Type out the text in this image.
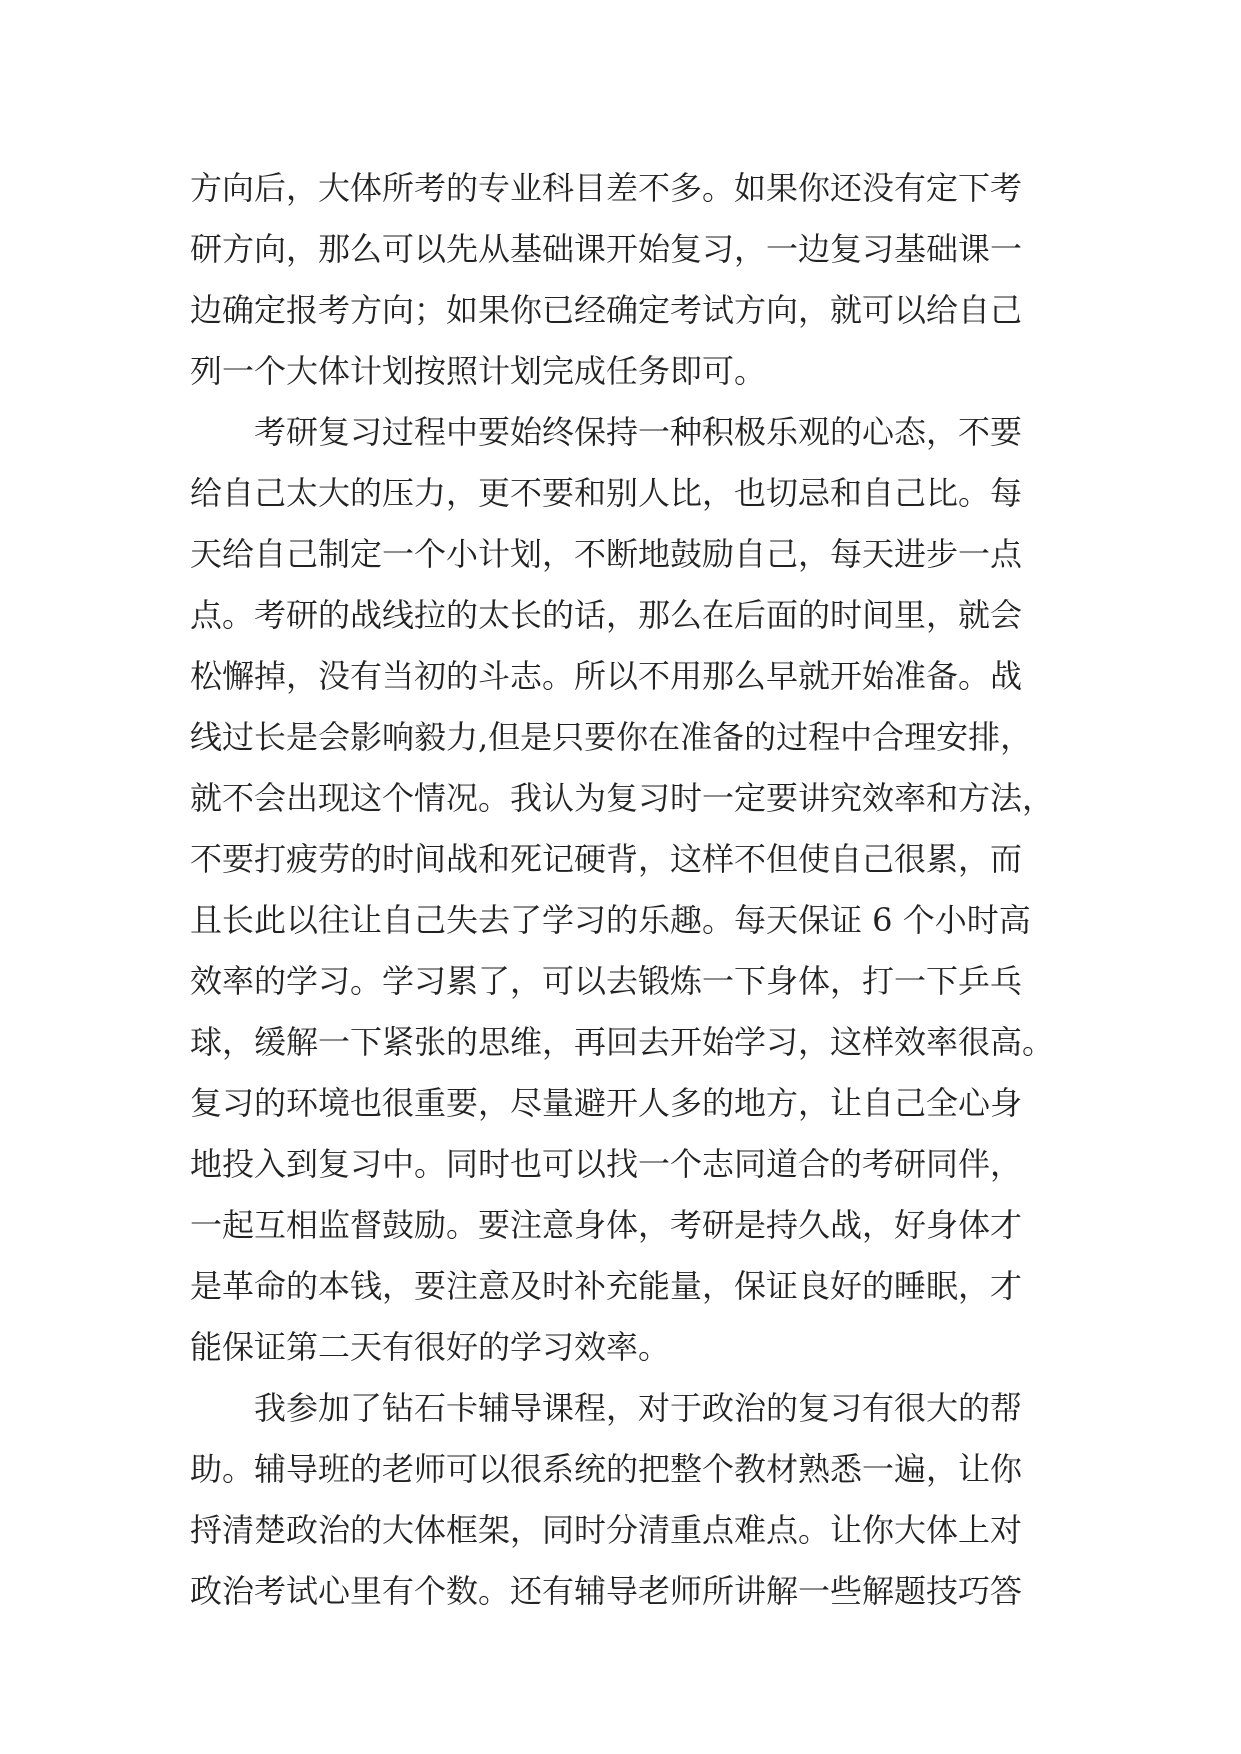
方向后，大体所考的专业科目差不多。如果你还没有定下考
研方向，那么可以先从基础课开始复习，一边复习基础课一
边确定报考方向；如果你已经确定考试方向，就可以给自己
列一个大体计划按照计划完成任务即可。
考研复习过程中要始终保持一种积极乐观的心态，不要
给自己太大的压力，更不要和别人比，也切忌和自己比。每
天给自己制定一个小计划，不断地鼓励自己，每天进步一点
点。考研的战线拉的太长的话，那么在后面的时间里，就会
松懈掉，没有当初的斗志。所以不用那么早就开始准备。战
线过长是会影响毅力,但是只要你在准备的过程中合理安排，
就不会出现这个情况。我认为复习时一定要讲究效率和方法，
不要打疲劳的时间战和死记硬背，这样不但使自己很累，而
且长此以往让自己失去了学习的乐趣。每天保证 6 个小时高
效率的学习。学习累了，可以去锻炼一下身体，打一下乒乓
球，缓解一下紧张的思维，再回去开始学习，这样效率很高。
复习的环境也很重要，尽量避开人多的地方，让自己全心身
地投入到复习中。同时也可以找一个志同道合的考研同伴，
一起互相监督鼓励。要注意身体，考研是持久战，好身体才
是革命的本钱，要注意及时补充能量，保证良好的睡眠，才
能保证第二天有很好的学习效率。
我参加了钻石卡辅导课程，对于政治的复习有很大的帮
助。辅导班的老师可以很系统的把整个教材熟悉一遍，让你
捋清楚政治的大体框架，同时分清重点难点。让你大体上对
政治考试心里有个数。还有辅导老师所讲解一些解题技巧答
